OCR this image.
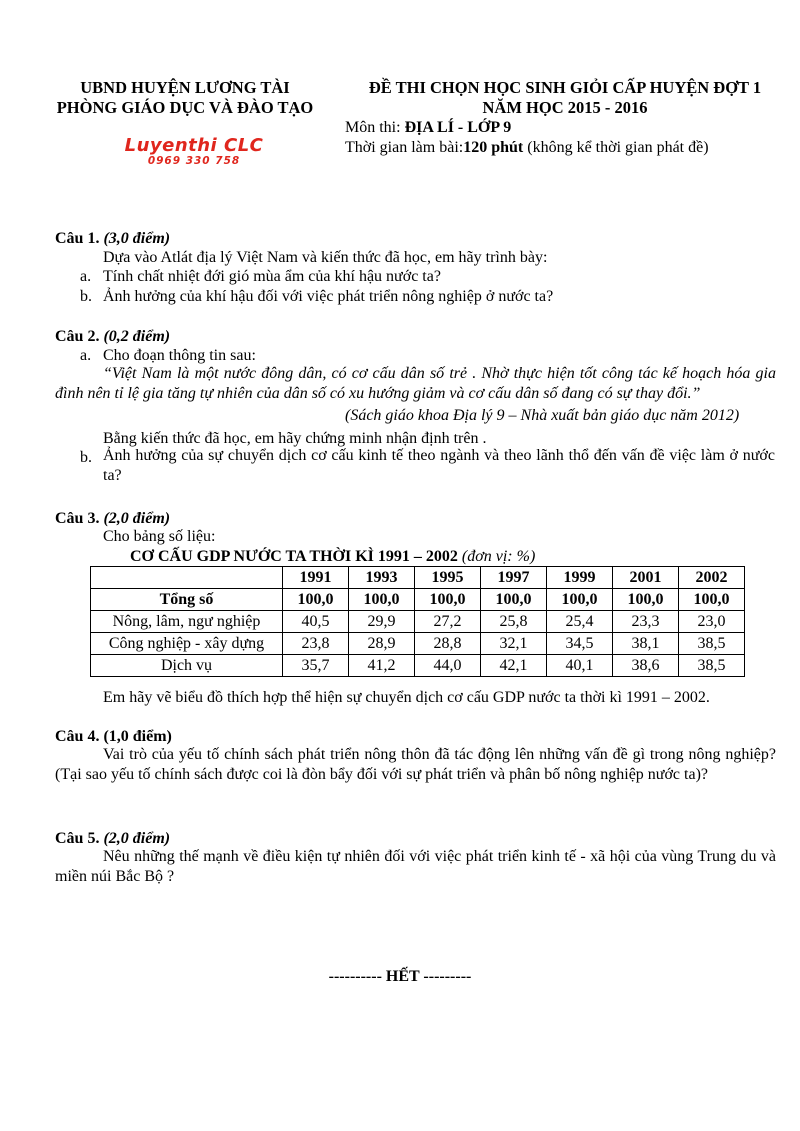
UBND HUYỆN LƯƠNG TÀI
PHÒNG GIÁO DỤC VÀ ĐÀO TẠO
Luyenthi CLC
0969 330 758
ĐỀ THI CHỌN HỌC SINH GIỎI CẤP HUYỆN ĐỢT 1
NĂM HỌC 2015 - 2016
Môn thi: ĐỊA LÍ - LỚP 9
Thời gian làm bài:120 phút (không kể thời gian phát đề)
Câu 1. (3,0 điểm)
Dựa vào Atlát địa lý Việt Nam và kiến thức đã học, em hãy trình bày:
a. Tính chất nhiệt đới gió mùa ẩm của khí hậu nước ta?
b. Ảnh hưởng của khí hậu đối với việc phát triển nông nghiệp ở nước ta?
Câu 2. (0,2 điểm)
a. Cho đoạn thông tin sau:
“Việt Nam là một nước đông dân, có cơ cấu dân số trẻ . Nhờ thực hiện tốt công tác kế hoạch hóa gia đình nên tỉ lệ gia tăng tự nhiên của dân số có xu hướng giảm và cơ cấu dân số đang có sự thay đổi.”
(Sách giáo khoa Địa lý 9 – Nhà xuất bản giáo dục năm 2012)
Bằng kiến thức đã học, em hãy chứng minh nhận định trên .
b. Ảnh hưởng của sự chuyển dịch cơ cấu kinh tế theo ngành và theo lãnh thổ đến vấn đề việc làm ở nước ta?
Câu 3. (2,0 điểm)
Cho bảng số liệu:
CƠ CẤU GDP NƯỚC TA THỜI KÌ 1991 – 2002 (đơn vị: %)
	1991	1993	1995	1997	1999	2001	2002
Tổng số	100,0	100,0	100,0	100,0	100,0	100,0	100,0
Nông, lâm, ngư nghiệp	40,5	29,9	27,2	25,8	25,4	23,3	23,0
Công nghiệp - xây dựng	23,8	28,9	28,8	32,1	34,5	38,1	38,5
Dịch vụ	35,7	41,2	44,0	42,1	40,1	38,6	38,5
Em hãy vẽ biểu đồ thích hợp thể hiện sự chuyển dịch cơ cấu GDP nước ta thời kì 1991 – 2002.
Câu 4. (1,0 điểm)
Vai trò của yếu tố chính sách phát triển nông thôn đã tác động lên những vấn đề gì trong nông nghiệp? (Tại sao yếu tố chính sách được coi là đòn bẩy đối với sự phát triển và phân bố nông nghiệp nước ta)?
Câu 5. (2,0 điểm)
Nêu những thế mạnh về điều kiện tự nhiên đối với việc phát triển kinh tế - xã hội của vùng Trung du và miền núi Bắc Bộ ?
---------- HẾT ---------
